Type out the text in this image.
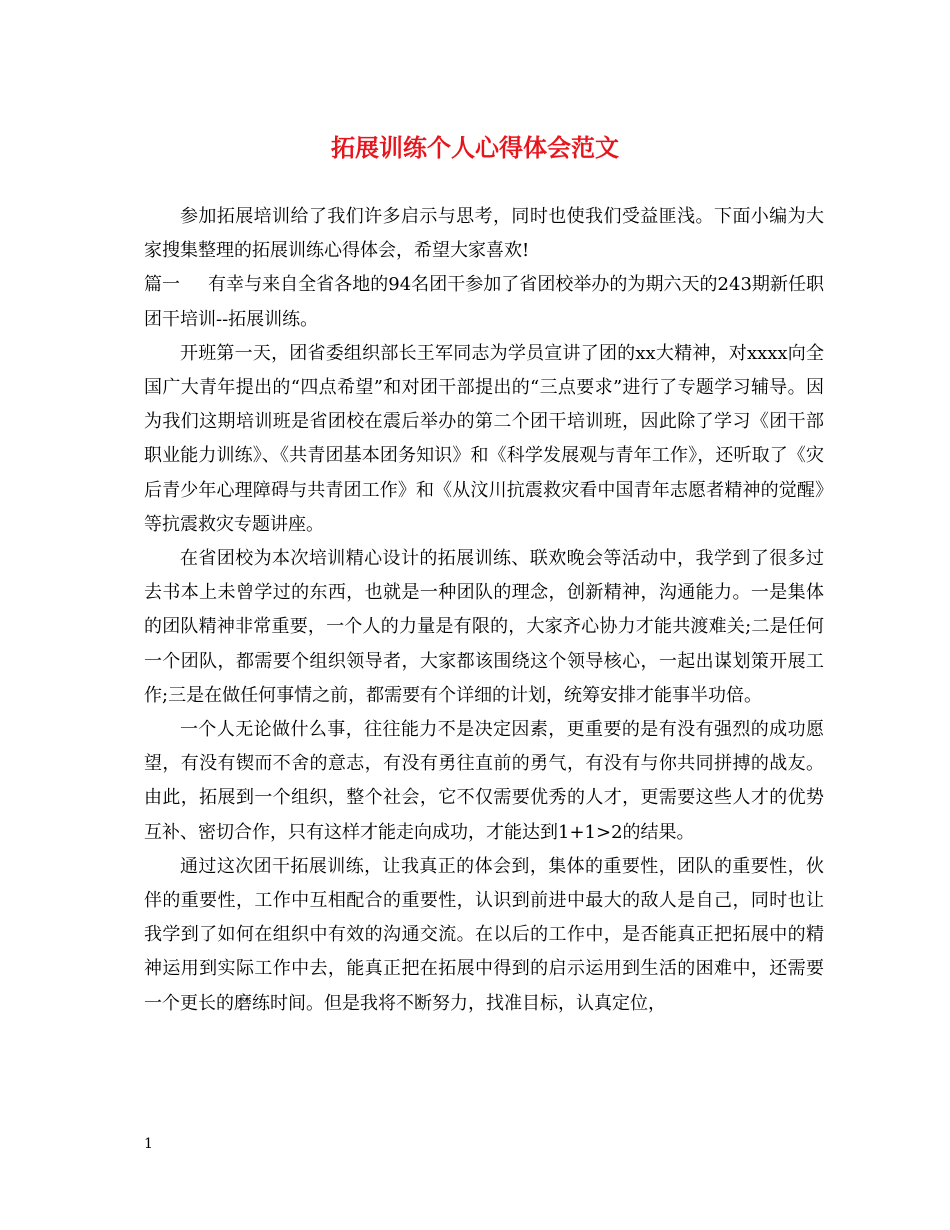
拓展训练个人心得体会范文

参加拓展培训给了我们许多启示与思考，同时也使我们受益匪浅。下面小编为大家搜集整理的拓展训练心得体会，希望大家喜欢!

篇一 有幸与来自全省各地的94名团干参加了省团校举办的为期六天的243期新任职团干培训--拓展训练。

开班第一天，团省委组织部长王军同志为学员宣讲了团的xx大精神，对xxxx向全国广大青年提出的“四点希望”和对团干部提出的“三点要求”进行了专题学习辅导。因为我们这期培训班是省团校在震后举办的第二个团干培训班，因此除了学习《团干部职业能力训练》、《共青团基本团务知识》和《科学发展观与青年工作》，还听取了《灾后青少年心理障碍与共青团工作》和《从汶川抗震救灾看中国青年志愿者精神的觉醒》等抗震救灾专题讲座。

在省团校为本次培训精心设计的拓展训练、联欢晚会等活动中，我学到了很多过去书本上未曾学过的东西，也就是一种团队的理念，创新精神，沟通能力。一是集体的团队精神非常重要，一个人的力量是有限的，大家齐心协力才能共渡难关;二是任何一个团队，都需要个组织领导者，大家都该围绕这个领导核心，一起出谋划策开展工作;三是在做任何事情之前，都需要有个详细的计划，统筹安排才能事半功倍。

一个人无论做什么事，往往能力不是决定因素，更重要的是有没有强烈的成功愿望，有没有锲而不舍的意志，有没有勇往直前的勇气，有没有与你共同拼搏的战友。由此，拓展到一个组织，整个社会，它不仅需要优秀的人才，更需要这些人才的优势互补、密切合作，只有这样才能走向成功，才能达到1+1>2的结果。

通过这次团干拓展训练，让我真正的体会到，集体的重要性，团队的重要性，伙伴的重要性，工作中互相配合的重要性，认识到前进中最大的敌人是自己，同时也让我学到了如何在组织中有效的沟通交流。在以后的工作中，是否能真正把拓展中的精神运用到实际工作中去，能真正把在拓展中得到的启示运用到生活的困难中，还需要一个更长的磨练时间。但是我将不断努力，找准目标，认真定位，

1
